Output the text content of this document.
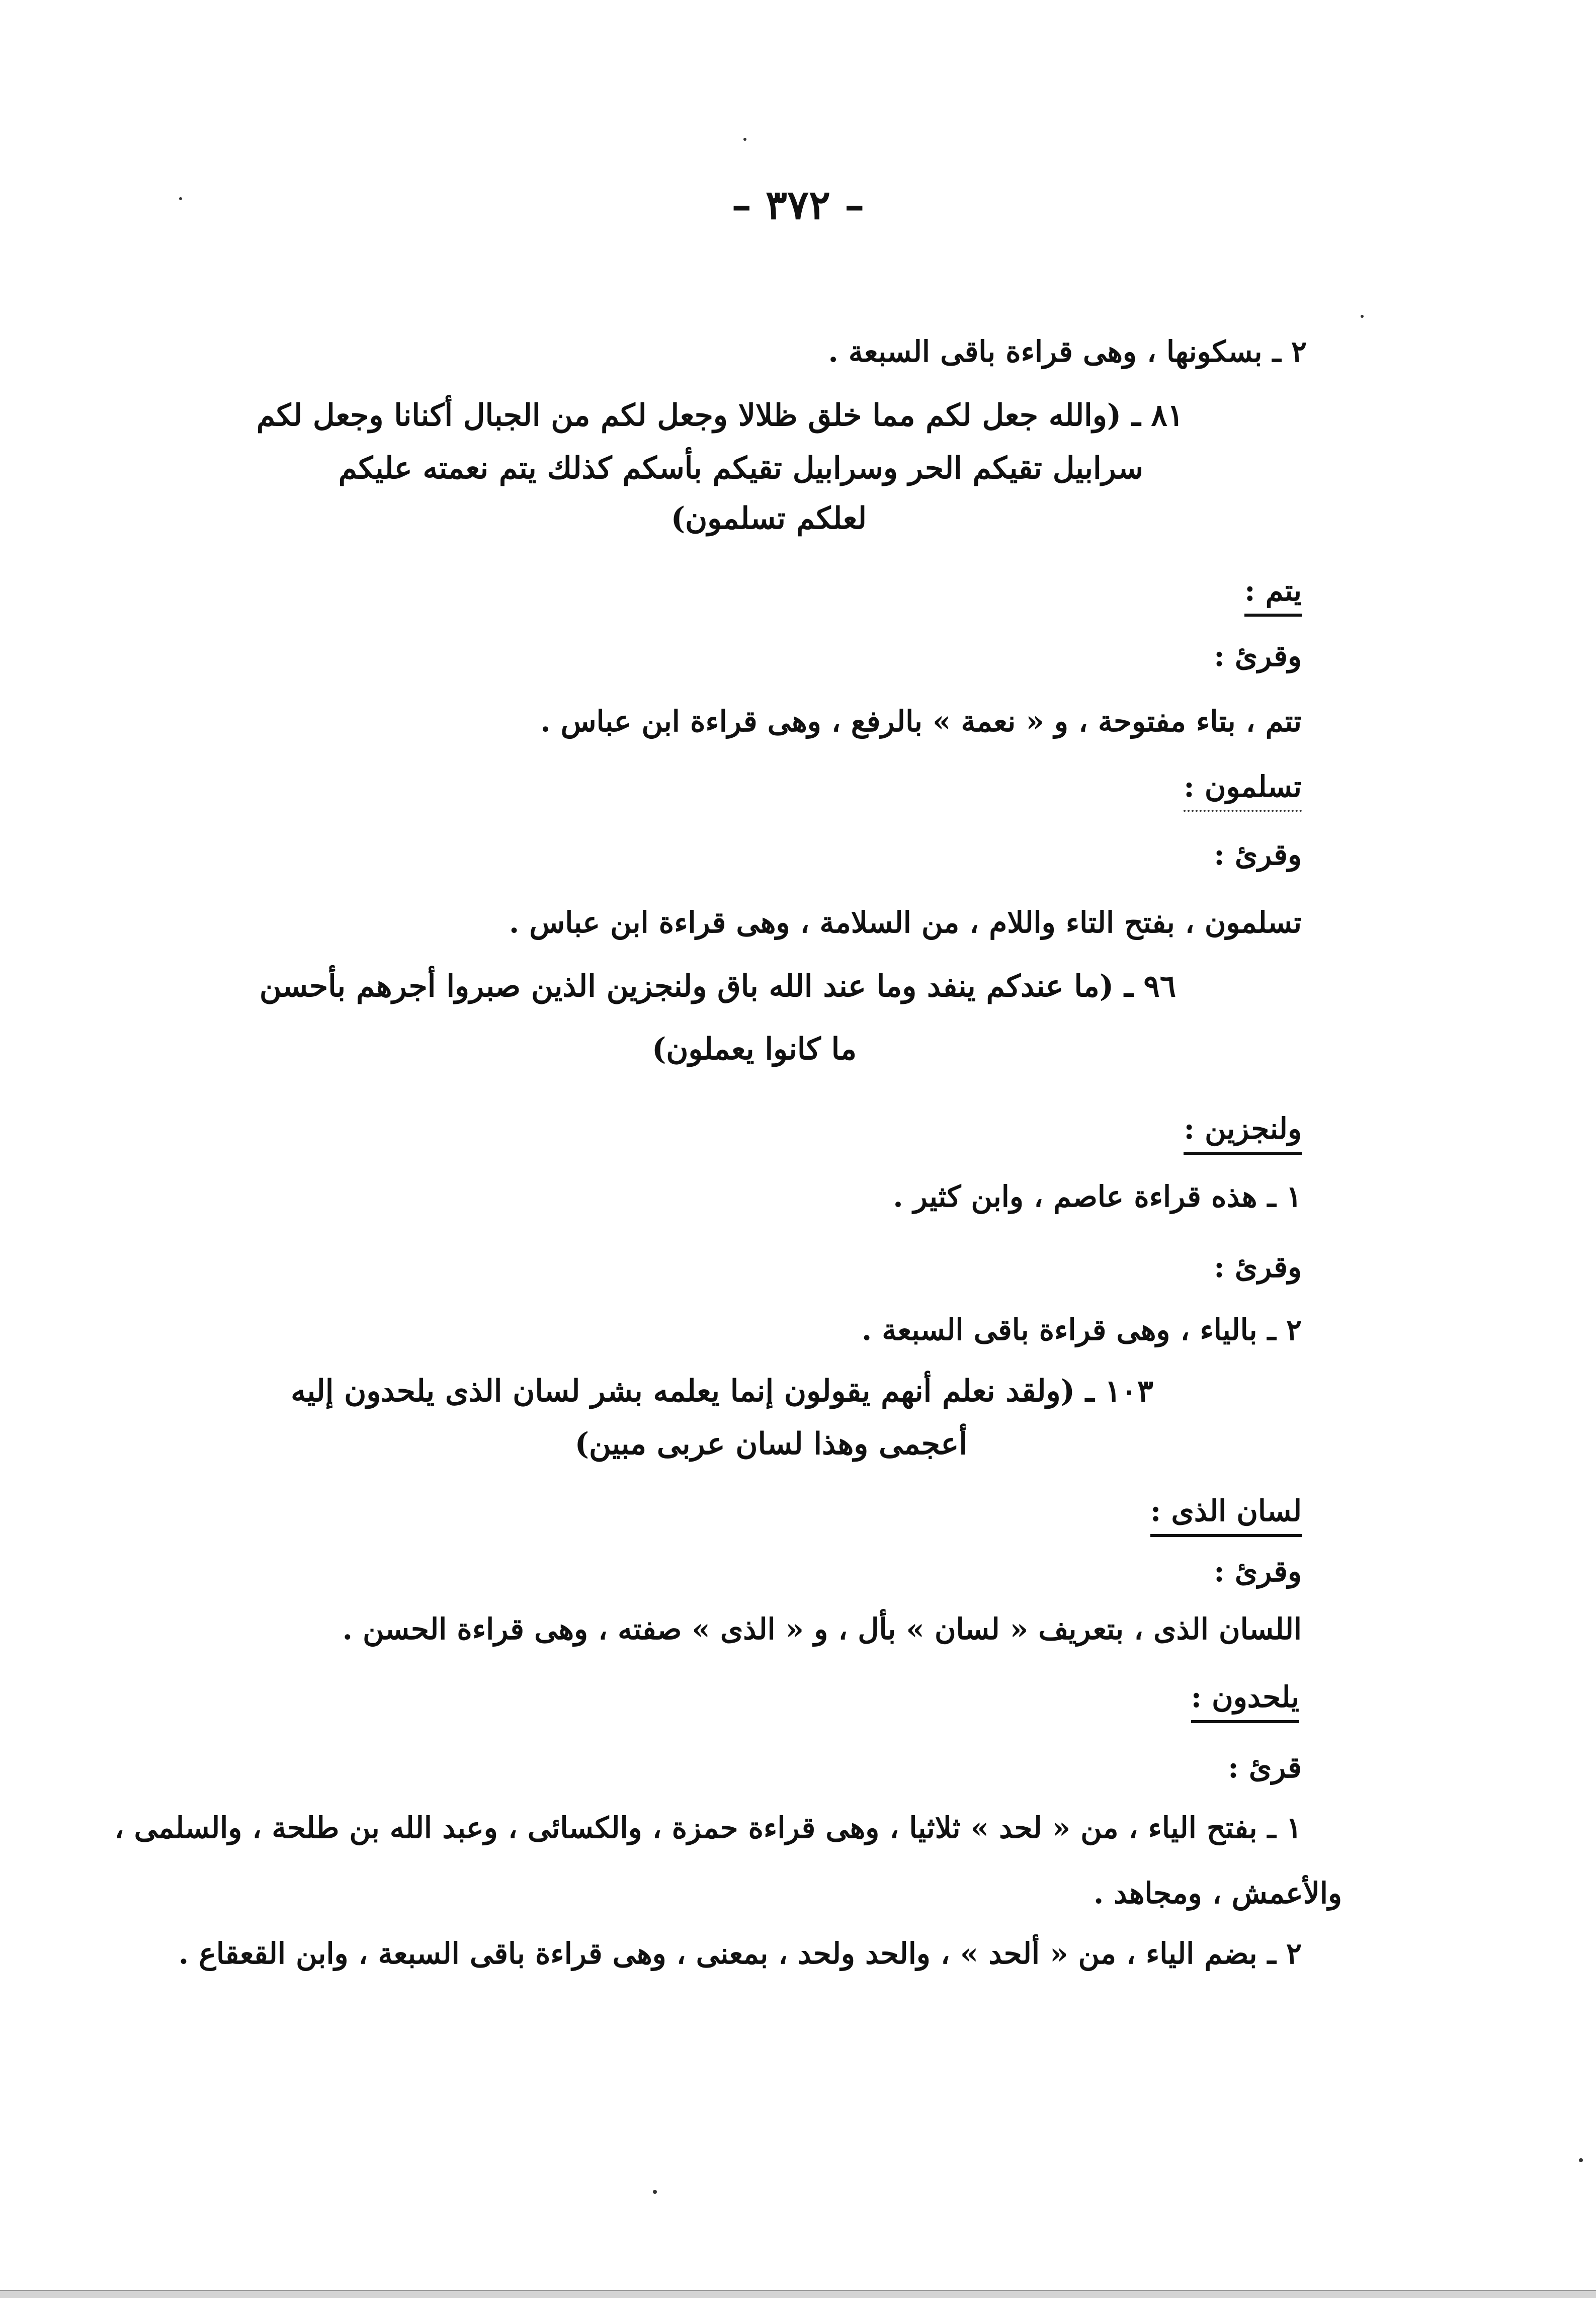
– ٣٧٢ –
٢ ـ بسكونها ، وهى قراءة باقى السبعة .
٨١ ـ (والله جعل لكم مما خلق ظلالا وجعل لكم من الجبال أكنانا وجعل لكم
سرابيل تقيكم الحر وسرابيل تقيكم بأسكم كذلك يتم نعمته عليكم
لعلكم تسلمون)
يتم :
وقرئ :
تتم ، بتاء مفتوحة ، و « نعمة » بالرفع ، وهى قراءة ابن عباس .
تسلمون :
وقرئ :
تسلمون ، بفتح التاء واللام ، من السلامة ، وهى قراءة ابن عباس .
٩٦ ـ (ما عندكم ينفد وما عند الله باق ولنجزين الذين صبروا أجرهم بأحسن
ما كانوا يعملون)
ولنجزين :
١ ـ هذه قراءة عاصم ، وابن كثير .
وقرئ :
٢ ـ بالياء ، وهى قراءة باقى السبعة .
١٠٣ ـ (ولقد نعلم أنهم يقولون إنما يعلمه بشر لسان الذى يلحدون إليه
أعجمى وهذا لسان عربى مبين)
لسان الذى :
وقرئ :
اللسان الذى ، بتعريف « لسان » بأل ، و « الذى » صفته ، وهى قراءة الحسن .
يلحدون :
قرئ :
١ ـ بفتح الياء ، من « لحد » ثلاثيا ، وهى قراءة حمزة ، والكسائى ، وعبد الله بن طلحة ، والسلمى ،
والأعمش ، ومجاهد .
٢ ـ بضم الياء ، من « ألحد » ، والحد ولحد ، بمعنى ، وهى قراءة باقى السبعة ، وابن القعقاع .
